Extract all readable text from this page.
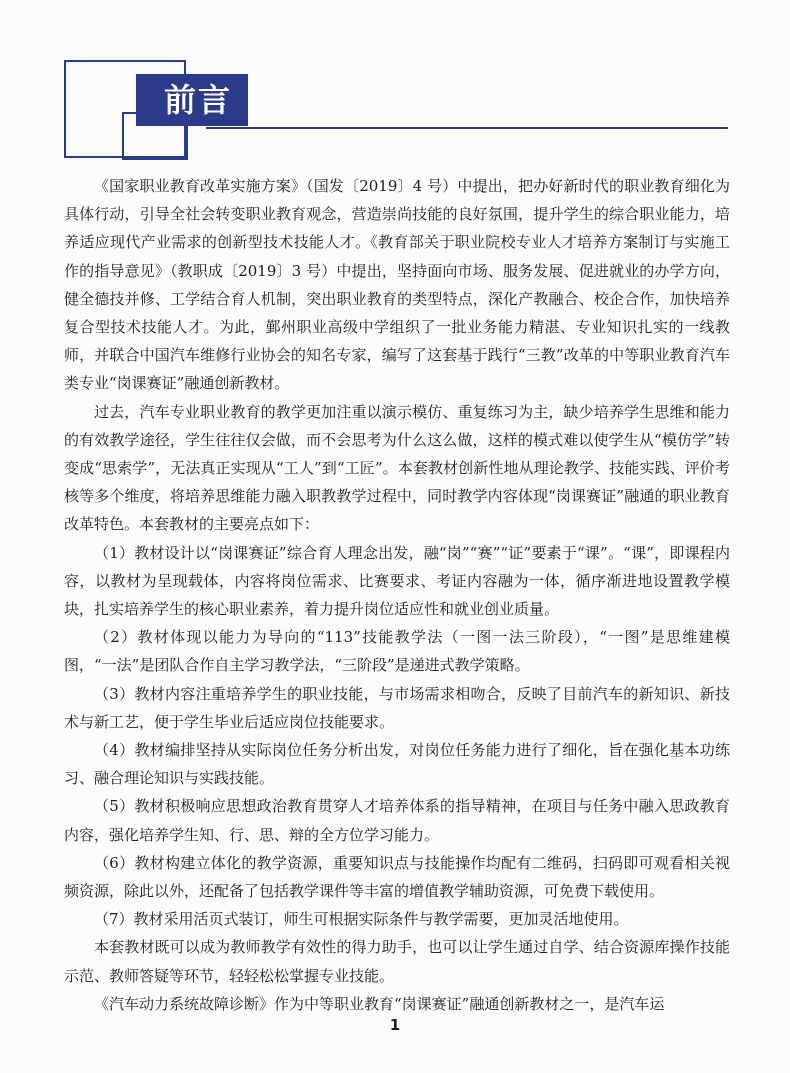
前言

《国家职业教育改革实施方案》（国发〔2019〕4 号）中提出，把办好新时代的职业教育细化为具体行动，引导全社会转变职业教育观念，营造崇尚技能的良好氛围，提升学生的综合职业能力，培养适应现代产业需求的创新型技术技能人才。《教育部关于职业院校专业人才培养方案制订与实施工作的指导意见》（教职成〔2019〕3 号）中提出，坚持面向市场、服务发展、促进就业的办学方向，健全德技并修、工学结合育人机制，突出职业教育的类型特点，深化产教融合、校企合作，加快培养复合型技术技能人才。为此，鄞州职业高级中学组织了一批业务能力精湛、专业知识扎实的一线教师，并联合中国汽车维修行业协会的知名专家，编写了这套基于践行“三教”改革的中等职业教育汽车类专业“岗课赛证”融通创新教材。

过去，汽车专业职业教育的教学更加注重以演示模仿、重复练习为主，缺少培养学生思维和能力的有效教学途径，学生往往仅会做，而不会思考为什么这么做，这样的模式难以使学生从“模仿学”转变成“思索学”，无法真正实现从“工人”到“工匠”。本套教材创新性地从理论教学、技能实践、评价考核等多个维度，将培养思维能力融入职教教学过程中，同时教学内容体现“岗课赛证”融通的职业教育改革特色。本套教材的主要亮点如下：

（1）教材设计以“岗课赛证”综合育人理念出发，融“岗”“赛”“证”要素于“课”。“课”，即课程内容，以教材为呈现载体，内容将岗位需求、比赛要求、考证内容融为一体，循序渐进地设置教学模块，扎实培养学生的核心职业素养，着力提升岗位适应性和就业创业质量。

（2）教材体现以能力为导向的“113”技能教学法（一图一法三阶段），“一图”是思维建模图，“一法”是团队合作自主学习教学法，“三阶段”是递进式教学策略。

（3）教材内容注重培养学生的职业技能，与市场需求相吻合，反映了目前汽车的新知识、新技术与新工艺，便于学生毕业后适应岗位技能要求。

（4）教材编排坚持从实际岗位任务分析出发，对岗位任务能力进行了细化，旨在强化基本功练习、融合理论知识与实践技能。

（5）教材积极响应思想政治教育贯穿人才培养体系的指导精神，在项目与任务中融入思政教育内容，强化培养学生知、行、思、辩的全方位学习能力。

（6）教材构建立体化的教学资源，重要知识点与技能操作均配有二维码，扫码即可观看相关视频资源，除此以外，还配备了包括教学课件等丰富的增值教学辅助资源，可免费下载使用。

（7）教材采用活页式装订，师生可根据实际条件与教学需要，更加灵活地使用。

本套教材既可以成为教师教学有效性的得力助手，也可以让学生通过自学、结合资源库操作技能示范、教师答疑等环节，轻轻松松掌握专业技能。

《汽车动力系统故障诊断》作为中等职业教育“岗课赛证”融通创新教材之一，是汽车运

1
